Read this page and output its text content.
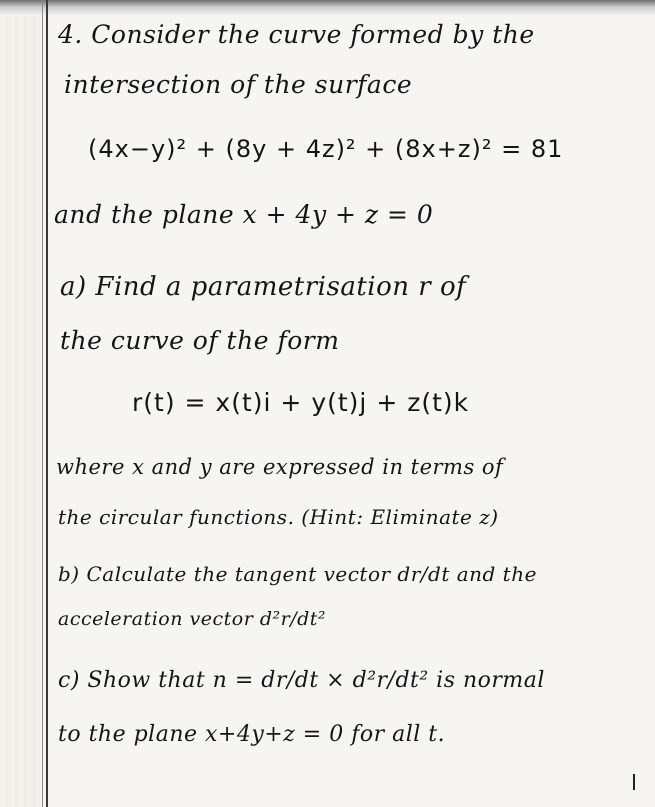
4. Consider the curve formed by the
intersection of the surface
(4x−y)² + (8y + 4z)² + (8x+z)² = 81
and the plane x + 4y + z = 0
a) Find a parametrisation r of
the curve of the form
r(t) = x(t)i + y(t)j + z(t)k
where x and y are expressed in terms of
the circular functions. (Hint: Eliminate z)
b) Calculate the tangent vector dr/dt and the
acceleration vector d²r/dt²
c) Show that n = dr/dt × d²r/dt² is normal
to the plane x+4y+z = 0 for all t.
